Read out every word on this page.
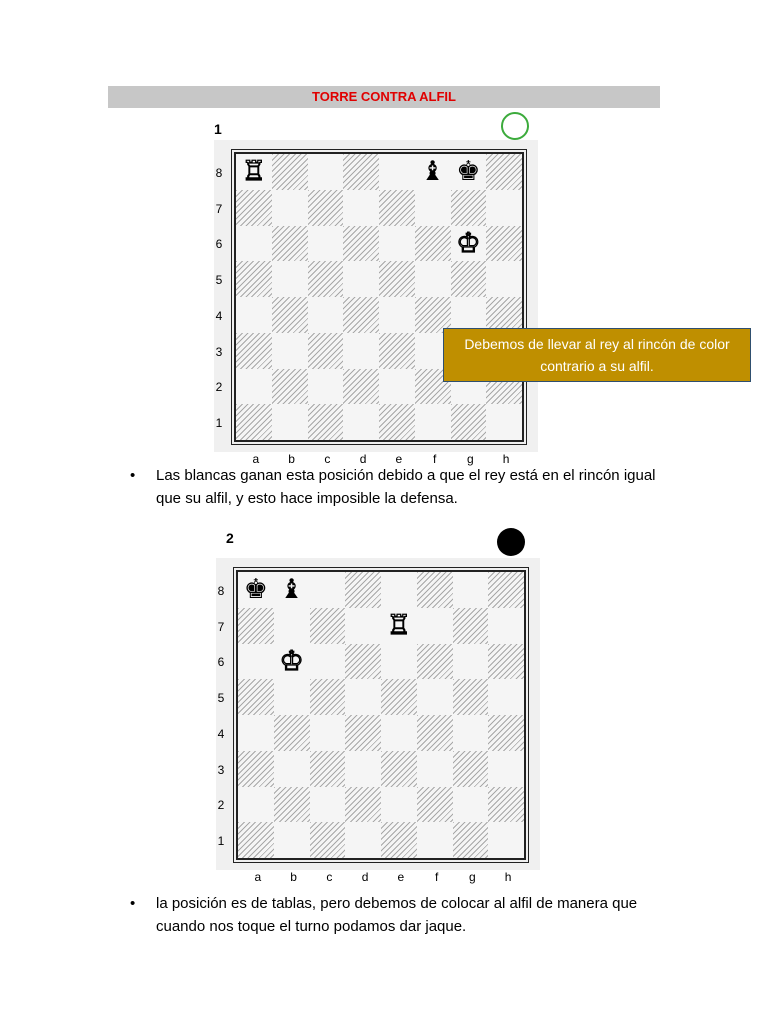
TORRE CONTRA ALFIL
1
8
7
6
5
4
3
2
1
a	b	c	d	e	f	g	h
♖	♝ ♚
♔
Debemos de llevar al rey al rincón de color contrario a su alfil.
• Las blancas ganan esta posición debido a que el rey está en el rincón igual que su alfil, y esto hace imposible la defensa.
2
8
7
6
5
4
3
2
1
a	b	c	d	e	f	g	h
♚ ♝
♖
♔
• la posición es de tablas, pero debemos de colocar al alfil de manera que cuando nos toque el turno podamos dar jaque.
